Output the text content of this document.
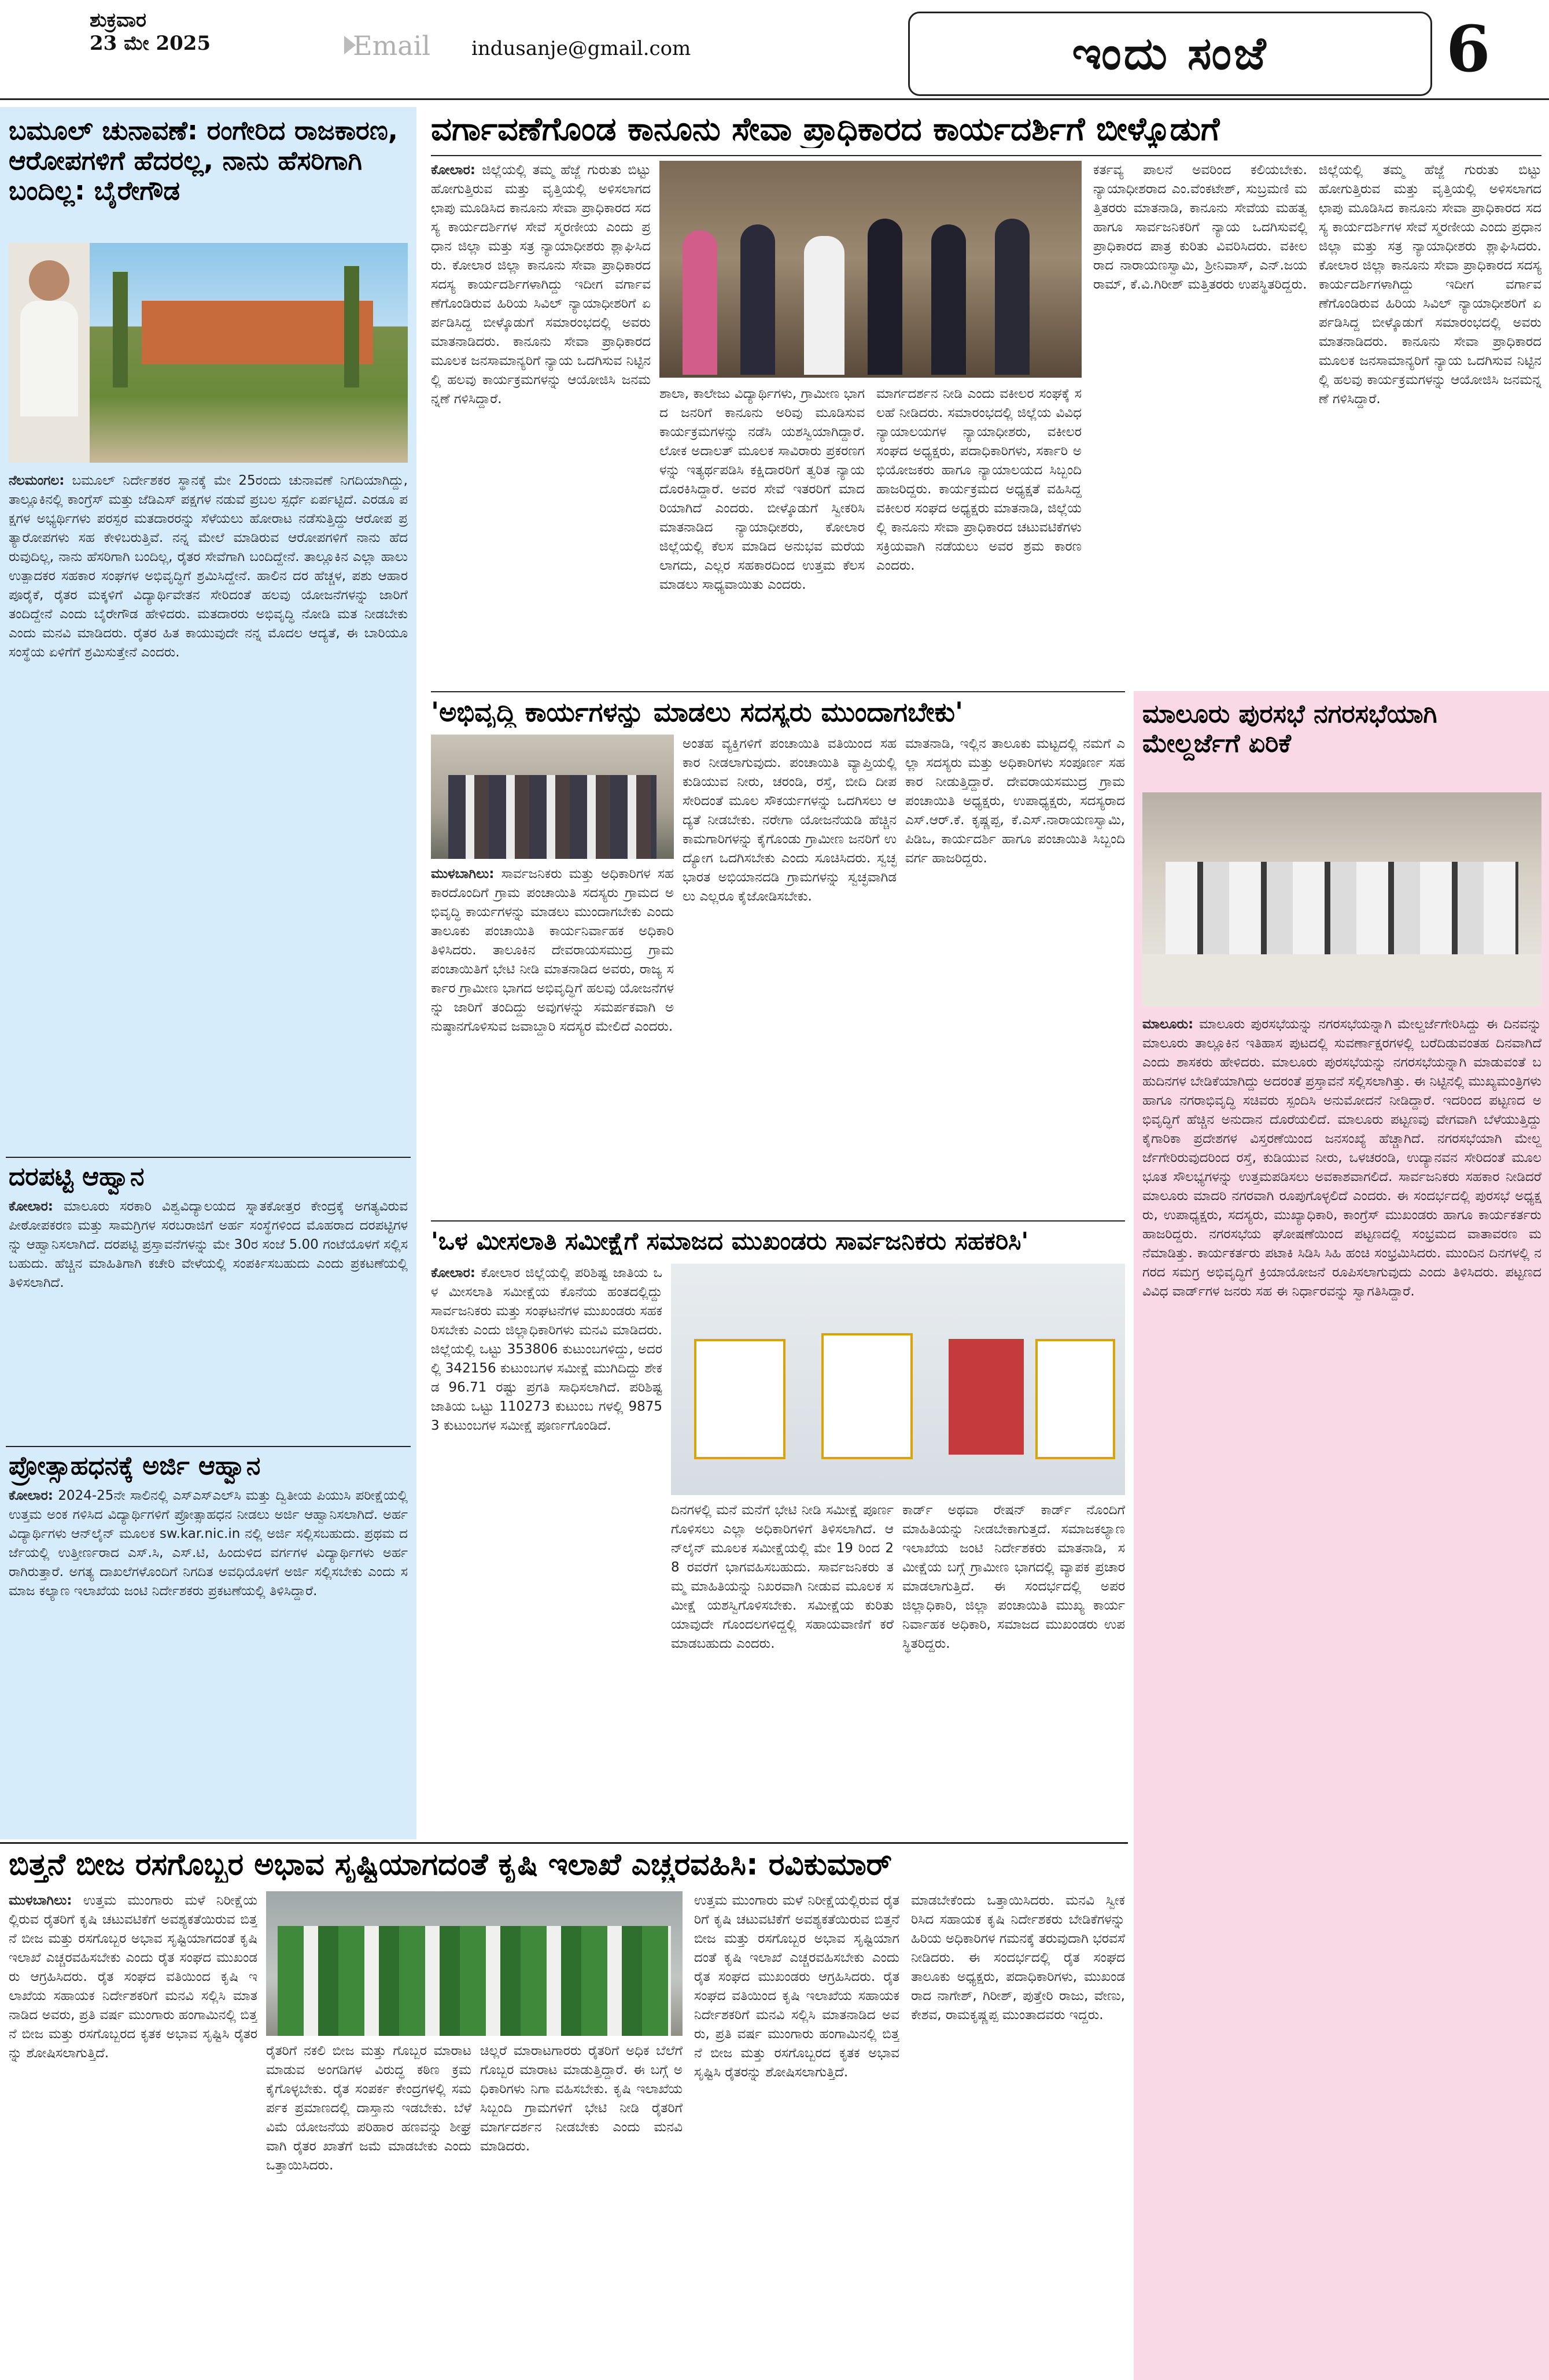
ಶುಕ್ರವಾರ
23 ಮೇ 2025	Email indusanje@gmail.com	ಇಂದು ಸಂಜೆ	6
ಬಮೂಲ್ ಚುನಾವಣೆ: ರಂಗೇರಿದ ರಾಜಕಾರಣ, ಆರೋಪಗಳಿಗೆ ಹೆದರಲ್ಲ, ನಾನು ಹೆಸರಿಗಾಗಿ ಬಂದಿಲ್ಲ: ಬೈರೇಗೌಡ

ನೆಲಮಂಗಲ: ಬಮೂಲ್ ನಿರ್ದೇಶಕರ ಸ್ಥಾನಕ್ಕೆ ಮೇ 25ರಂದು ಚುನಾವಣೆ ನಿಗದಿಯಾಗಿದ್ದು, ತಾಲ್ಲೂಕಿನಲ್ಲಿ ಕಾಂಗ್ರೆಸ್ ಮತ್ತು ಜೆಡಿಎಸ್ ಪಕ್ಷಗಳ ನಡುವೆ ಪ್ರಬಲ ಸ್ಪರ್ಧೆ ಏರ್ಪಟ್ಟಿದೆ. ಎರಡೂ ಪಕ್ಷಗಳ ಅಭ್ಯರ್ಥಿಗಳು ಪರಸ್ಪರ ಮತದಾರರನ್ನು ಸೆಳೆಯಲು ಹೋರಾಟ ನಡೆಸುತ್ತಿದ್ದು ಆರೋಪ ಪ್ರತ್ಯಾರೋಪಗಳು ಸಹ ಕೇಳಿಬರುತ್ತಿವೆ. ನನ್ನ ಮೇಲೆ ಮಾಡಿರುವ ಆರೋಪಗಳಿಗೆ ನಾನು ಹೆದರುವುದಿಲ್ಲ, ನಾನು ಹೆಸರಿಗಾಗಿ ಬಂದಿಲ್ಲ, ರೈತರ ಸೇವೆಗಾಗಿ ಬಂದಿದ್ದೇನೆ. ತಾಲ್ಲೂಕಿನ ಎಲ್ಲಾ ಹಾಲು ಉತ್ಪಾದಕರ ಸಹಕಾರ ಸಂಘಗಳ ಅಭಿವೃದ್ಧಿಗೆ ಶ್ರಮಿಸಿದ್ದೇನೆ. ಹಾಲಿನ ದರ ಹೆಚ್ಚಳ, ಪಶು ಆಹಾರ ಪೂರೈಕೆ, ರೈತರ ಮಕ್ಕಳಿಗೆ ವಿದ್ಯಾರ್ಥಿವೇತನ ಸೇರಿದಂತೆ ಹಲವು ಯೋಜನೆಗಳನ್ನು ಜಾರಿಗೆ ತಂದಿದ್ದೇನೆ ಎಂದು ಬೈರೇಗೌಡ ಹೇಳಿದರು. ಮತದಾರರು ಅಭಿವೃದ್ಧಿ ನೋಡಿ ಮತ ನೀಡಬೇಕು ಎಂದು ಮನವಿ ಮಾಡಿದರು. ರೈತರ ಹಿತ ಕಾಯುವುದೇ ನನ್ನ ಮೊದಲ ಆದ್ಯತೆ, ಈ ಬಾರಿಯೂ ಸಂಸ್ಥೆಯ ಏಳಿಗೆಗೆ ಶ್ರಮಿಸುತ್ತೇನೆ ಎಂದರು.

ದರಪಟ್ಟಿ ಆಹ್ವಾನ

ಕೋಲಾರ: ಮಾಲೂರು ಸರಕಾರಿ ವಿಶ್ವವಿದ್ಯಾಲಯದ ಸ್ನಾತಕೋತ್ತರ ಕೇಂದ್ರಕ್ಕೆ ಅಗತ್ಯವಿರುವ ಪೀಠೋಪಕರಣ ಮತ್ತು ಸಾಮಗ್ರಿಗಳ ಸರಬರಾಜಿಗೆ ಅರ್ಹ ಸಂಸ್ಥೆಗಳಿಂದ ಮೊಹರಾದ ದರಪಟ್ಟಿಗಳನ್ನು ಆಹ್ವಾನಿಸಲಾಗಿದೆ. ದರಪಟ್ಟಿ ಪ್ರಸ್ತಾವನೆಗಳನ್ನು ಮೇ 30ರ ಸಂಜೆ 5.00 ಗಂಟೆಯೊಳಗೆ ಸಲ್ಲಿಸಬಹುದು. ಹೆಚ್ಚಿನ ಮಾಹಿತಿಗಾಗಿ ಕಚೇರಿ ವೇಳೆಯಲ್ಲಿ ಸಂಪರ್ಕಿಸಬಹುದು ಎಂದು ಪ್ರಕಟಣೆಯಲ್ಲಿ ತಿಳಿಸಲಾಗಿದೆ.

ಪ್ರೋತ್ಸಾಹಧನಕ್ಕೆ ಅರ್ಜಿ ಆಹ್ವಾನ

ಕೋಲಾರ: 2024-25ನೇ ಸಾಲಿನಲ್ಲಿ ಎಸ್ಎಸ್ಎಲ್‌ಸಿ ಮತ್ತು ದ್ವಿತೀಯ ಪಿಯುಸಿ ಪರೀಕ್ಷೆಯಲ್ಲಿ ಉತ್ತಮ ಅಂಕ ಗಳಿಸಿದ ವಿದ್ಯಾರ್ಥಿಗಳಿಗೆ ಪ್ರೋತ್ಸಾಹಧನ ನೀಡಲು ಅರ್ಜಿ ಆಹ್ವಾನಿಸಲಾಗಿದೆ. ಅರ್ಹ ವಿದ್ಯಾರ್ಥಿಗಳು ಆನ್‌ಲೈನ್ ಮೂಲಕ sw.kar.nic.in ನಲ್ಲಿ ಅರ್ಜಿ ಸಲ್ಲಿಸಬಹುದು. ಪ್ರಥಮ ದರ್ಜೆಯಲ್ಲಿ ಉತ್ತೀರ್ಣರಾದ ಎಸ್.ಸಿ, ಎಸ್.ಟಿ, ಹಿಂದುಳಿದ ವರ್ಗಗಳ ವಿದ್ಯಾರ್ಥಿಗಳು ಅರ್ಹರಾಗಿರುತ್ತಾರೆ. ಅಗತ್ಯ ದಾಖಲೆಗಳೊಂದಿಗೆ ನಿಗದಿತ ಅವಧಿಯೊಳಗೆ ಅರ್ಜಿ ಸಲ್ಲಿಸಬೇಕು ಎಂದು ಸಮಾಜ ಕಲ್ಯಾಣ ಇಲಾಖೆಯ ಜಂಟಿ ನಿರ್ದೇಶಕರು ಪ್ರಕಟಣೆಯಲ್ಲಿ ತಿಳಿಸಿದ್ದಾರೆ.

ವರ್ಗಾವಣೆಗೊಂಡ ಕಾನೂನು ಸೇವಾ ಪ್ರಾಧಿಕಾರದ ಕಾರ್ಯದರ್ಶಿಗೆ ಬೀಳ್ಕೊಡುಗೆ

ಕೋಲಾರ: ಜಿಲ್ಲೆಯಲ್ಲಿ ತಮ್ಮ ಹೆಜ್ಜೆ ಗುರುತು ಬಿಟ್ಟು ಹೋಗುತ್ತಿರುವ ಮತ್ತು ವೃತ್ತಿಯಲ್ಲಿ ಅಳಿಸಲಾಗದ ಛಾಪು ಮೂಡಿಸಿದ ಕಾನೂನು ಸೇವಾ ಪ್ರಾಧಿಕಾರದ ಸದಸ್ಯ ಕಾರ್ಯದರ್ಶಿಗಳ ಸೇವೆ ಸ್ಮರಣೀಯ ಎಂದು ಪ್ರಧಾನ ಜಿಲ್ಲಾ ಮತ್ತು ಸತ್ರ ನ್ಯಾಯಾಧೀಶರು ಶ್ಲಾಘಿಸಿದರು. ಕೋಲಾರ ಜಿಲ್ಲಾ ಕಾನೂನು ಸೇವಾ ಪ್ರಾಧಿಕಾರದ ಸದಸ್ಯ ಕಾರ್ಯದರ್ಶಿಗಳಾಗಿದ್ದು ಇದೀಗ ವರ್ಗಾವಣೆಗೊಂಡಿರುವ ಹಿರಿಯ ಸಿವಿಲ್ ನ್ಯಾಯಾಧೀಶರಿಗೆ ಏರ್ಪಡಿಸಿದ್ದ ಬೀಳ್ಕೊಡುಗೆ ಸಮಾರಂಭದಲ್ಲಿ ಅವರು ಮಾತನಾಡಿದರು. ಕಾನೂನು ಸೇವಾ ಪ್ರಾಧಿಕಾರದ ಮೂಲಕ ಜನಸಾಮಾನ್ಯರಿಗೆ ನ್ಯಾಯ ಒದಗಿಸುವ ನಿಟ್ಟಿನಲ್ಲಿ ಹಲವು ಕಾರ್ಯಕ್ರಮಗಳನ್ನು ಆಯೋಜಿಸಿ ಜನಮನ್ನಣೆ ಗಳಿಸಿದ್ದಾರೆ.	ಶಾಲಾ, ಕಾಲೇಜು ವಿದ್ಯಾರ್ಥಿಗಳು, ಗ್ರಾಮೀಣ ಭಾಗದ ಜನರಿಗೆ ಕಾನೂನು ಅರಿವು ಮೂಡಿಸುವ ಕಾರ್ಯಕ್ರಮಗಳನ್ನು ನಡೆಸಿ ಯಶಸ್ವಿಯಾಗಿದ್ದಾರೆ. ಲೋಕ ಅದಾಲತ್ ಮೂಲಕ ಸಾವಿರಾರು ಪ್ರಕರಣಗಳನ್ನು ಇತ್ಯರ್ಥಪಡಿಸಿ ಕಕ್ಷಿದಾರರಿಗೆ ತ್ವರಿತ ನ್ಯಾಯ ದೊರಕಿಸಿದ್ದಾರೆ. ಅವರ ಸೇವೆ ಇತರರಿಗೆ ಮಾದರಿಯಾಗಿದೆ ಎಂದರು. ಬೀಳ್ಕೊಡುಗೆ ಸ್ವೀಕರಿಸಿ ಮಾತನಾಡಿದ ನ್ಯಾಯಾಧೀಶರು, ಕೋಲಾರ ಜಿಲ್ಲೆಯಲ್ಲಿ ಕೆಲಸ ಮಾಡಿದ ಅನುಭವ ಮರೆಯಲಾಗದು, ಎಲ್ಲರ ಸಹಕಾರದಿಂದ ಉತ್ತಮ ಕೆಲಸ ಮಾಡಲು ಸಾಧ್ಯವಾಯಿತು ಎಂದರು.

ಮಾರ್ಗದರ್ಶನ ನೀಡಿ ಎಂದು ವಕೀಲರ ಸಂಘಕ್ಕೆ ಸಲಹೆ ನೀಡಿದರು. ಸಮಾರಂಭದಲ್ಲಿ ಜಿಲ್ಲೆಯ ವಿವಿಧ ನ್ಯಾಯಾಲಯಗಳ ನ್ಯಾಯಾಧೀಶರು, ವಕೀಲರ ಸಂಘದ ಅಧ್ಯಕ್ಷರು, ಪದಾಧಿಕಾರಿಗಳು, ಸರ್ಕಾರಿ ಅಭಿಯೋಜಕರು ಹಾಗೂ ನ್ಯಾಯಾಲಯದ ಸಿಬ್ಬಂದಿ ಹಾಜರಿದ್ದರು. ಕಾರ್ಯಕ್ರಮದ ಅಧ್ಯಕ್ಷತೆ ವಹಿಸಿದ್ದ ವಕೀಲರ ಸಂಘದ ಅಧ್ಯಕ್ಷರು ಮಾತನಾಡಿ, ಜಿಲ್ಲೆಯಲ್ಲಿ ಕಾನೂನು ಸೇವಾ ಪ್ರಾಧಿಕಾರದ ಚಟುವಟಿಕೆಗಳು ಸಕ್ರಿಯವಾಗಿ ನಡೆಯಲು ಅವರ ಶ್ರಮ ಕಾರಣ ಎಂದರು.

ಕರ್ತವ್ಯ ಪಾಲನೆ ಅವರಿಂದ ಕಲಿಯಬೇಕು. ನ್ಯಾಯಾಧೀಶರಾದ ಎಂ.ವೆಂಕಟೇಶ್, ಸುಬ್ರಮಣಿ ಮತ್ತಿತರರು ಮಾತನಾಡಿ, ಕಾನೂನು ಸೇವೆಯ ಮಹತ್ವ ಹಾಗೂ ಸಾರ್ವಜನಿಕರಿಗೆ ನ್ಯಾಯ ಒದಗಿಸುವಲ್ಲಿ ಪ್ರಾಧಿಕಾರದ ಪಾತ್ರ ಕುರಿತು ವಿವರಿಸಿದರು. ವಕೀಲರಾದ ನಾರಾಯಣಸ್ವಾಮಿ, ಶ್ರೀನಿವಾಸ್, ಎನ್.ಜಯರಾಮ್, ಕೆ.ವಿ.ಗಿರೀಶ್ ಮತ್ತಿತರರು ಉಪಸ್ಥಿತರಿದ್ದರು.

ಜಿಲ್ಲೆಯಲ್ಲಿ ತಮ್ಮ ಹೆಜ್ಜೆ ಗುರುತು ಬಿಟ್ಟು ಹೋಗುತ್ತಿರುವ ಮತ್ತು ವೃತ್ತಿಯಲ್ಲಿ ಅಳಿಸಲಾಗದ ಛಾಪು ಮೂಡಿಸಿದ ಕಾನೂನು ಸೇವಾ ಪ್ರಾಧಿಕಾರದ ಸದಸ್ಯ ಕಾರ್ಯದರ್ಶಿಗಳ ಸೇವೆ ಸ್ಮರಣೀಯ ಎಂದು ಪ್ರಧಾನ ಜಿಲ್ಲಾ ಮತ್ತು ಸತ್ರ ನ್ಯಾಯಾಧೀಶರು ಶ್ಲಾಘಿಸಿದರು. ಕೋಲಾರ ಜಿಲ್ಲಾ ಕಾನೂನು ಸೇವಾ ಪ್ರಾಧಿಕಾರದ ಸದಸ್ಯ ಕಾರ್ಯದರ್ಶಿಗಳಾಗಿದ್ದು ಇದೀಗ ವರ್ಗಾವಣೆಗೊಂಡಿರುವ ಹಿರಿಯ ಸಿವಿಲ್ ನ್ಯಾಯಾಧೀಶರಿಗೆ ಏರ್ಪಡಿಸಿದ್ದ ಬೀಳ್ಕೊಡುಗೆ ಸಮಾರಂಭದಲ್ಲಿ ಅವರು ಮಾತನಾಡಿದರು. ಕಾನೂನು ಸೇವಾ ಪ್ರಾಧಿಕಾರದ ಮೂಲಕ ಜನಸಾಮಾನ್ಯರಿಗೆ ನ್ಯಾಯ ಒದಗಿಸುವ ನಿಟ್ಟಿನಲ್ಲಿ ಹಲವು ಕಾರ್ಯಕ್ರಮಗಳನ್ನು ಆಯೋಜಿಸಿ ಜನಮನ್ನಣೆ ಗಳಿಸಿದ್ದಾರೆ.

'ಅಭಿವೃದ್ಧಿ ಕಾರ್ಯಗಳನ್ನು ಮಾಡಲು ಸದಸ್ಯರು ಮುಂದಾಗಬೇಕು'

ಮುಳಬಾಗಿಲು: ಸಾರ್ವಜನಿಕರು ಮತ್ತು ಅಧಿಕಾರಿಗಳ ಸಹಕಾರದೊಂದಿಗೆ ಗ್ರಾಮ ಪಂಚಾಯಿತಿ ಸದಸ್ಯರು ಗ್ರಾಮದ ಅಭಿವೃದ್ಧಿ ಕಾರ್ಯಗಳನ್ನು ಮಾಡಲು ಮುಂದಾಗಬೇಕು ಎಂದು ತಾಲೂಕು ಪಂಚಾಯಿತಿ ಕಾರ್ಯನಿರ್ವಾಹಕ ಅಧಿಕಾರಿ ತಿಳಿಸಿದರು. ತಾಲೂಕಿನ ದೇವರಾಯಸಮುದ್ರ ಗ್ರಾಮ ಪಂಚಾಯಿತಿಗೆ ಭೇಟಿ ನೀಡಿ ಮಾತನಾಡಿದ ಅವರು, ರಾಜ್ಯ ಸರ್ಕಾರ ಗ್ರಾಮೀಣ ಭಾಗದ ಅಭಿವೃದ್ಧಿಗೆ ಹಲವು ಯೋಜನೆಗಳನ್ನು ಜಾರಿಗೆ ತಂದಿದ್ದು ಅವುಗಳನ್ನು ಸಮರ್ಪಕವಾಗಿ ಅನುಷ್ಠಾನಗೊಳಿಸುವ ಜವಾಬ್ದಾರಿ ಸದಸ್ಯರ ಮೇಲಿದೆ ಎಂದರು.

ಅಂತಹ ವ್ಯಕ್ತಿಗಳಿಗೆ ಪಂಚಾಯಿತಿ ವತಿಯಿಂದ ಸಹಕಾರ ನೀಡಲಾಗುವುದು. ಪಂಚಾಯಿತಿ ವ್ಯಾಪ್ತಿಯಲ್ಲಿ ಕುಡಿಯುವ ನೀರು, ಚರಂಡಿ, ರಸ್ತೆ, ಬೀದಿ ದೀಪ ಸೇರಿದಂತೆ ಮೂಲ ಸೌಕರ್ಯಗಳನ್ನು ಒದಗಿಸಲು ಆದ್ಯತೆ ನೀಡಬೇಕು. ನರೇಗಾ ಯೋಜನೆಯಡಿ ಹೆಚ್ಚಿನ ಕಾಮಗಾರಿಗಳನ್ನು ಕೈಗೊಂಡು ಗ್ರಾಮೀಣ ಜನರಿಗೆ ಉದ್ಯೋಗ ಒದಗಿಸಬೇಕು ಎಂದು ಸೂಚಿಸಿದರು. ಸ್ವಚ್ಛ ಭಾರತ ಅಭಿಯಾನದಡಿ ಗ್ರಾಮಗಳನ್ನು ಸ್ವಚ್ಛವಾಗಿಡಲು ಎಲ್ಲರೂ ಕೈಜೋಡಿಸಬೇಕು.

ಮಾತನಾಡಿ, ಇಲ್ಲಿನ ತಾಲೂಕು ಮಟ್ಟದಲ್ಲಿ ನಮಗೆ ಎಲ್ಲಾ ಸದಸ್ಯರು ಮತ್ತು ಅಧಿಕಾರಿಗಳು ಸಂಪೂರ್ಣ ಸಹಕಾರ ನೀಡುತ್ತಿದ್ದಾರೆ. ದೇವರಾಯಸಮುದ್ರ ಗ್ರಾಮ ಪಂಚಾಯಿತಿ ಅಧ್ಯಕ್ಷರು, ಉಪಾಧ್ಯಕ್ಷರು, ಸದಸ್ಯರಾದ ಎಸ್.ಆರ್.ಕೆ. ಕೃಷ್ಣಪ್ಪ, ಕೆ.ಎಸ್.ನಾರಾಯಣಸ್ವಾಮಿ, ಪಿಡಿಒ, ಕಾರ್ಯದರ್ಶಿ ಹಾಗೂ ಪಂಚಾಯಿತಿ ಸಿಬ್ಬಂದಿ ವರ್ಗ ಹಾಜರಿದ್ದರು.

ಮಾಲೂರು ಪುರಸಭೆ ನಗರಸಭೆಯಾಗಿ ಮೇಲ್ದರ್ಜೆಗೆ ಏರಿಕೆ

ಮಾಲೂರು: ಮಾಲೂರು ಪುರಸಭೆಯನ್ನು ನಗರಸಭೆಯನ್ನಾಗಿ ಮೇಲ್ದರ್ಜೆಗೇರಿಸಿದ್ದು ಈ ದಿನವನ್ನು ಮಾಲೂರು ತಾಲ್ಲೂಕಿನ ಇತಿಹಾಸ ಪುಟದಲ್ಲಿ ಸುವರ್ಣಾಕ್ಷರಗಳಲ್ಲಿ ಬರೆದಿಡುವಂತಹ ದಿನವಾಗಿದೆ ಎಂದು ಶಾಸಕರು ಹೇಳಿದರು. ಮಾಲೂರು ಪುರಸಭೆಯನ್ನು ನಗರಸಭೆಯನ್ನಾಗಿ ಮಾಡುವಂತೆ ಬಹುದಿನಗಳ ಬೇಡಿಕೆಯಾಗಿದ್ದು ಅದರಂತೆ ಪ್ರಸ್ತಾವನೆ ಸಲ್ಲಿಸಲಾಗಿತ್ತು. ಈ ನಿಟ್ಟಿನಲ್ಲಿ ಮುಖ್ಯಮಂತ್ರಿಗಳು ಹಾಗೂ ನಗರಾಭಿವೃದ್ಧಿ ಸಚಿವರು ಸ್ಪಂದಿಸಿ ಅನುಮೋದನೆ ನೀಡಿದ್ದಾರೆ. ಇದರಿಂದ ಪಟ್ಟಣದ ಅಭಿವೃದ್ಧಿಗೆ ಹೆಚ್ಚಿನ ಅನುದಾನ ದೊರೆಯಲಿದೆ. ಮಾಲೂರು ಪಟ್ಟಣವು ವೇಗವಾಗಿ ಬೆಳೆಯುತ್ತಿದ್ದು ಕೈಗಾರಿಕಾ ಪ್ರದೇಶಗಳ ವಿಸ್ತರಣೆಯಿಂದ ಜನಸಂಖ್ಯೆ ಹೆಚ್ಚಾಗಿದೆ. ನಗರಸಭೆಯಾಗಿ ಮೇಲ್ದರ್ಜೆಗೇರಿರುವುದರಿಂದ ರಸ್ತೆ, ಕುಡಿಯುವ ನೀರು, ಒಳಚರಂಡಿ, ಉದ್ಯಾನವನ ಸೇರಿದಂತೆ ಮೂಲಭೂತ ಸೌಲಭ್ಯಗಳನ್ನು ಉತ್ತಮಪಡಿಸಲು ಅವಕಾಶವಾಗಲಿದೆ. ಸಾರ್ವಜನಿಕರು ಸಹಕಾರ ನೀಡಿದರೆ ಮಾಲೂರು ಮಾದರಿ ನಗರವಾಗಿ ರೂಪುಗೊಳ್ಳಲಿದೆ ಎಂದರು. ಈ ಸಂದರ್ಭದಲ್ಲಿ ಪುರಸಭೆ ಅಧ್ಯಕ್ಷರು, ಉಪಾಧ್ಯಕ್ಷರು, ಸದಸ್ಯರು, ಮುಖ್ಯಾಧಿಕಾರಿ, ಕಾಂಗ್ರೆಸ್ ಮುಖಂಡರು ಹಾಗೂ ಕಾರ್ಯಕರ್ತರು ಹಾಜರಿದ್ದರು. ನಗರಸಭೆಯ ಘೋಷಣೆಯಿಂದ ಪಟ್ಟಣದಲ್ಲಿ ಸಂಭ್ರಮದ ವಾತಾವರಣ ಮನೆಮಾಡಿತ್ತು. ಕಾರ್ಯಕರ್ತರು ಪಟಾಕಿ ಸಿಡಿಸಿ ಸಿಹಿ ಹಂಚಿ ಸಂಭ್ರಮಿಸಿದರು. ಮುಂದಿನ ದಿನಗಳಲ್ಲಿ ನಗರದ ಸಮಗ್ರ ಅಭಿವೃದ್ಧಿಗೆ ಕ್ರಿಯಾಯೋಜನೆ ರೂಪಿಸಲಾಗುವುದು ಎಂದು ತಿಳಿಸಿದರು. ಪಟ್ಟಣದ ವಿವಿಧ ವಾರ್ಡ್‌ಗಳ ಜನರು ಸಹ ಈ ನಿರ್ಧಾರವನ್ನು ಸ್ವಾಗತಿಸಿದ್ದಾರೆ.

'ಒಳ ಮೀಸಲಾತಿ ಸಮೀಕ್ಷೆಗೆ ಸಮಾಜದ ಮುಖಂಡರು ಸಾರ್ವಜನಿಕರು ಸಹಕರಿಸಿ'

ಕೋಲಾರ: ಕೋಲಾರ ಜಿಲ್ಲೆಯಲ್ಲಿ ಪರಿಶಿಷ್ಟ ಜಾತಿಯ ಒಳ ಮೀಸಲಾತಿ ಸಮೀಕ್ಷೆಯ ಕೊನೆಯ ಹಂತದಲ್ಲಿದ್ದು ಸಾರ್ವಜನಿಕರು ಮತ್ತು ಸಂಘಟನೆಗಳ ಮುಖಂಡರು ಸಹಕರಿಸಬೇಕು ಎಂದು ಜಿಲ್ಲಾಧಿಕಾರಿಗಳು ಮನವಿ ಮಾಡಿದರು. ಜಿಲ್ಲೆಯಲ್ಲಿ ಒಟ್ಟು 353806 ಕುಟುಂಬಗಳಿದ್ದು, ಅದರಲ್ಲಿ 342156 ಕುಟುಂಬಗಳ ಸಮೀಕ್ಷೆ ಮುಗಿದಿದ್ದು ಶೇಕಡ 96.71 ರಷ್ಟು ಪ್ರಗತಿ ಸಾಧಿಸಲಾಗಿದೆ. ಪರಿಶಿಷ್ಟ ಜಾತಿಯ ಒಟ್ಟು 110273 ಕುಟುಂಬ ಗಳಲ್ಲಿ 98753 ಕುಟುಂಬಗಳ ಸಮೀಕ್ಷೆ ಪೂರ್ಣಗೊಂಡಿದೆ.

ದಿನಗಳಲ್ಲಿ ಮನೆ ಮನೆಗೆ ಭೇಟಿ ನೀಡಿ ಸಮೀಕ್ಷೆ ಪೂರ್ಣಗೊಳಿಸಲು ಎಲ್ಲಾ ಅಧಿಕಾರಿಗಳಿಗೆ ತಿಳಿಸಲಾಗಿದೆ. ಆನ್‌ಲೈನ್ ಮೂಲಕ ಸಮೀಕ್ಷೆಯಲ್ಲಿ ಮೇ 19 ರಿಂದ 28 ರವರೆಗೆ ಭಾಗವಹಿಸಬಹುದು. ಸಾರ್ವಜನಿಕರು ತಮ್ಮ ಮಾಹಿತಿಯನ್ನು ನಿಖರವಾಗಿ ನೀಡುವ ಮೂಲಕ ಸಮೀಕ್ಷೆ ಯಶಸ್ವಿಗೊಳಿಸಬೇಕು. ಸಮೀಕ್ಷೆಯ ಕುರಿತು ಯಾವುದೇ ಗೊಂದಲಗಳಿದ್ದಲ್ಲಿ ಸಹಾಯವಾಣಿಗೆ ಕರೆ ಮಾಡಬಹುದು ಎಂದರು.

ಕಾರ್ಡ್ ಅಥವಾ ರೇಷನ್ ಕಾರ್ಡ್ ನೊಂದಿಗೆ ಮಾಹಿತಿಯನ್ನು ನೀಡಬೇಕಾಗುತ್ತದೆ. ಸಮಾಜಕಲ್ಯಾಣ ಇಲಾಖೆಯ ಜಂಟಿ ನಿರ್ದೇಶಕರು ಮಾತನಾಡಿ, ಸಮೀಕ್ಷೆಯ ಬಗ್ಗೆ ಗ್ರಾಮೀಣ ಭಾಗದಲ್ಲಿ ವ್ಯಾಪಕ ಪ್ರಚಾರ ಮಾಡಲಾಗುತ್ತಿದೆ. ಈ ಸಂದರ್ಭದಲ್ಲಿ ಅಪರ ಜಿಲ್ಲಾಧಿಕಾರಿ, ಜಿಲ್ಲಾ ಪಂಚಾಯಿತಿ ಮುಖ್ಯ ಕಾರ್ಯನಿರ್ವಾಹಕ ಅಧಿಕಾರಿ, ಸಮಾಜದ ಮುಖಂಡರು ಉಪಸ್ಥಿತರಿದ್ದರು.

ಬಿತ್ತನೆ ಬೀಜ ರಸಗೊಬ್ಬರ ಅಭಾವ ಸೃಷ್ಟಿಯಾಗದಂತೆ ಕೃಷಿ ಇಲಾಖೆ ಎಚ್ಚರವಹಿಸಿ: ರವಿಕುಮಾರ್

ಮುಳಬಾಗಿಲು: ಉತ್ತಮ ಮುಂಗಾರು ಮಳೆ ನಿರೀಕ್ಷೆಯಲ್ಲಿರುವ ರೈತರಿಗೆ ಕೃಷಿ ಚಟುವಟಿಕೆಗೆ ಅವಶ್ಯಕತೆಯಿರುವ ಬಿತ್ತನೆ ಬೀಜ ಮತ್ತು ರಸಗೊಬ್ಬರ ಅಭಾವ ಸೃಷ್ಟಿಯಾಗದಂತೆ ಕೃಷಿ ಇಲಾಖೆ ಎಚ್ಚರವಹಿಸಬೇಕು ಎಂದು ರೈತ ಸಂಘದ ಮುಖಂಡರು ಆಗ್ರಹಿಸಿದರು. ರೈತ ಸಂಘದ ವತಿಯಿಂದ ಕೃಷಿ ಇಲಾಖೆಯ ಸಹಾಯಕ ನಿರ್ದೇಶಕರಿಗೆ ಮನವಿ ಸಲ್ಲಿಸಿ ಮಾತನಾಡಿದ ಅವರು, ಪ್ರತಿ ವರ್ಷ ಮುಂಗಾರು ಹಂಗಾಮಿನಲ್ಲಿ ಬಿತ್ತನೆ ಬೀಜ ಮತ್ತು ರಸಗೊಬ್ಬರದ ಕೃತಕ ಅಭಾವ ಸೃಷ್ಟಿಸಿ ರೈತರನ್ನು ಶೋಷಿಸಲಾಗುತ್ತಿದೆ.	ರೈತರಿಗೆ ನಕಲಿ ಬೀಜ ಮತ್ತು ಗೊಬ್ಬರ ಮಾರಾಟ ಮಾಡುವ ಅಂಗಡಿಗಳ ವಿರುದ್ಧ ಕಠಿಣ ಕ್ರಮ ಕೈಗೊಳ್ಳಬೇಕು. ರೈತ ಸಂಪರ್ಕ ಕೇಂದ್ರಗಳಲ್ಲಿ ಸಮರ್ಪಕ ಪ್ರಮಾಣದಲ್ಲಿ ದಾಸ್ತಾನು ಇಡಬೇಕು. ಬೆಳೆ ವಿಮೆ ಯೋಜನೆಯ ಪರಿಹಾರ ಹಣವನ್ನು ಶೀಘ್ರವಾಗಿ ರೈತರ ಖಾತೆಗೆ ಜಮೆ ಮಾಡಬೇಕು ಎಂದು ಒತ್ತಾಯಿಸಿದರು.

ಚಿಲ್ಲರೆ ಮಾರಾಟಗಾರರು ರೈತರಿಗೆ ಅಧಿಕ ಬೆಲೆಗೆ ಗೊಬ್ಬರ ಮಾರಾಟ ಮಾಡುತ್ತಿದ್ದಾರೆ. ಈ ಬಗ್ಗೆ ಅಧಿಕಾರಿಗಳು ನಿಗಾ ವಹಿಸಬೇಕು. ಕೃಷಿ ಇಲಾಖೆಯ ಸಿಬ್ಬಂದಿ ಗ್ರಾಮಗಳಿಗೆ ಭೇಟಿ ನೀಡಿ ರೈತರಿಗೆ ಮಾರ್ಗದರ್ಶನ ನೀಡಬೇಕು ಎಂದು ಮನವಿ ಮಾಡಿದರು.

ಉತ್ತಮ ಮುಂಗಾರು ಮಳೆ ನಿರೀಕ್ಷೆಯಲ್ಲಿರುವ ರೈತರಿಗೆ ಕೃಷಿ ಚಟುವಟಿಕೆಗೆ ಅವಶ್ಯಕತೆಯಿರುವ ಬಿತ್ತನೆ ಬೀಜ ಮತ್ತು ರಸಗೊಬ್ಬರ ಅಭಾವ ಸೃಷ್ಟಿಯಾಗದಂತೆ ಕೃಷಿ ಇಲಾಖೆ ಎಚ್ಚರವಹಿಸಬೇಕು ಎಂದು ರೈತ ಸಂಘದ ಮುಖಂಡರು ಆಗ್ರಹಿಸಿದರು. ರೈತ ಸಂಘದ ವತಿಯಿಂದ ಕೃಷಿ ಇಲಾಖೆಯ ಸಹಾಯಕ ನಿರ್ದೇಶಕರಿಗೆ ಮನವಿ ಸಲ್ಲಿಸಿ ಮಾತನಾಡಿದ ಅವರು, ಪ್ರತಿ ವರ್ಷ ಮುಂಗಾರು ಹಂಗಾಮಿನಲ್ಲಿ ಬಿತ್ತನೆ ಬೀಜ ಮತ್ತು ರಸಗೊಬ್ಬರದ ಕೃತಕ ಅಭಾವ ಸೃಷ್ಟಿಸಿ ರೈತರನ್ನು ಶೋಷಿಸಲಾಗುತ್ತಿದೆ.

ಮಾಡಬೇಕೆಂದು ಒತ್ತಾಯಿಸಿದರು. ಮನವಿ ಸ್ವೀಕರಿಸಿದ ಸಹಾಯಕ ಕೃಷಿ ನಿರ್ದೇಶಕರು ಬೇಡಿಕೆಗಳನ್ನು ಹಿರಿಯ ಅಧಿಕಾರಿಗಳ ಗಮನಕ್ಕೆ ತರುವುದಾಗಿ ಭರವಸೆ ನೀಡಿದರು. ಈ ಸಂದರ್ಭದಲ್ಲಿ ರೈತ ಸಂಘದ ತಾಲೂಕು ಅಧ್ಯಕ್ಷರು, ಪದಾಧಿಕಾರಿಗಳು, ಮುಖಂಡರಾದ ನಾಗೇಶ್, ಗಿರೀಶ್, ಪುತ್ತೇರಿ ರಾಜು, ವೇಣು, ಕೇಶವ, ರಾಮಕೃಷ್ಣಪ್ಪ ಮುಂತಾದವರು ಇದ್ದರು.
